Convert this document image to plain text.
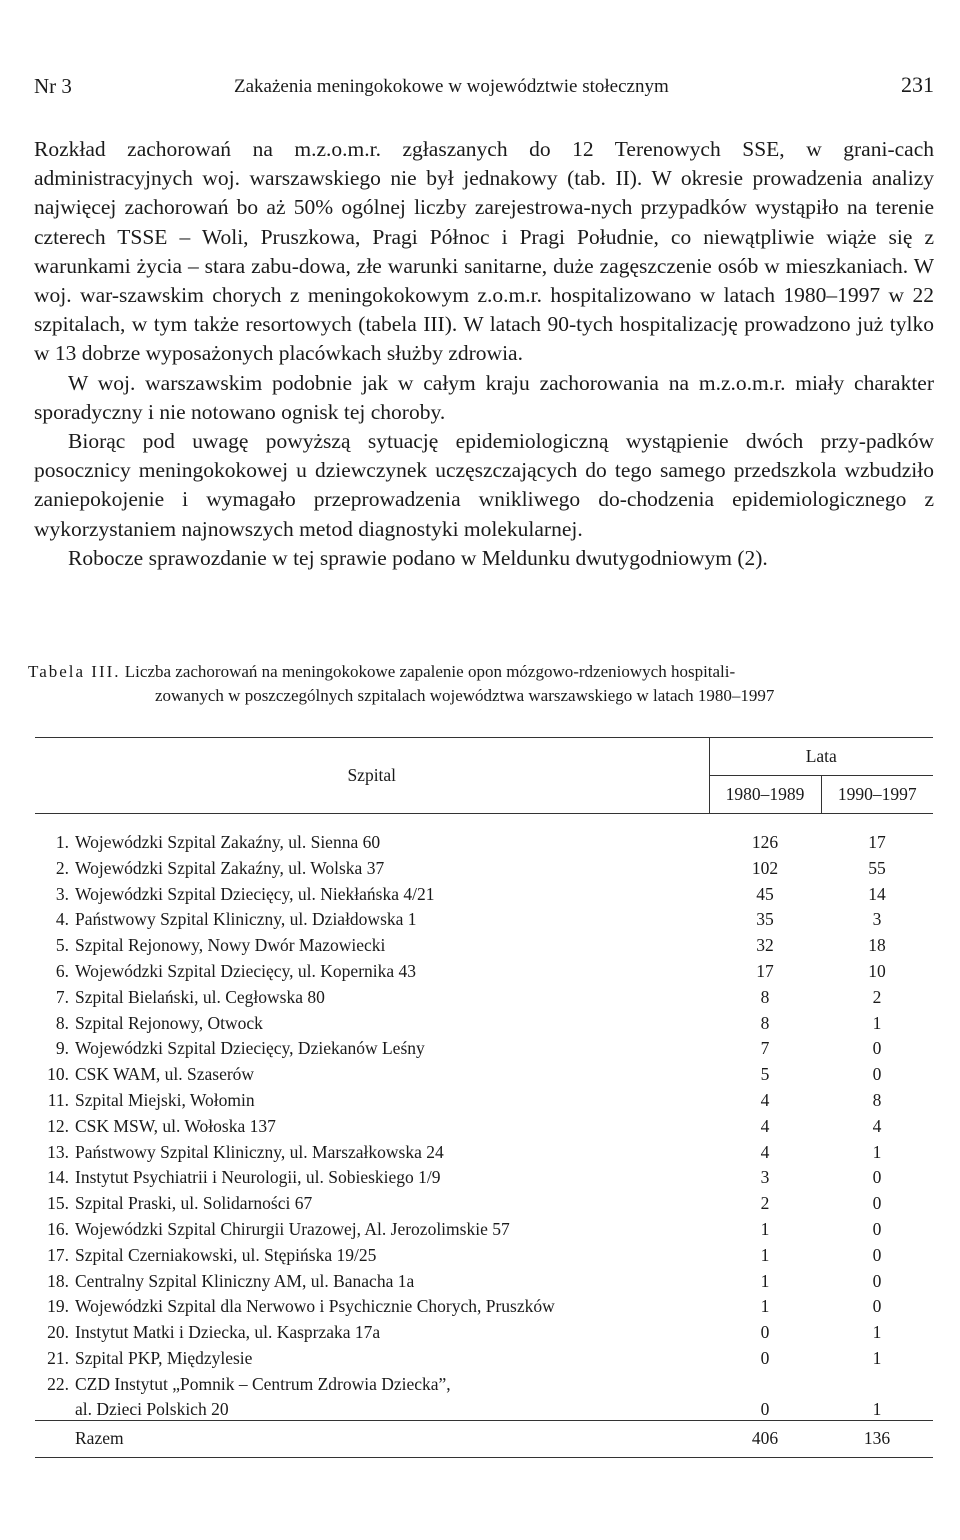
Nr 3	Zakażenia meningokokowe w województwie stołecznym	231

Rozkład zachorowań na m.z.o.m.r. zgłaszanych do 12 Terenowych SSE, w grani-cach administracyjnych woj. warszawskiego nie był jednakowy (tab. II). W okresie prowadzenia analizy najwięcej zachorowań bo aż 50% ogólnej liczby zarejestrowa-nych przypadków wystąpiło na terenie czterech TSSE – Woli, Pruszkowa, Pragi Północ i Pragi Południe, co niewątpliwie wiąże się z warunkami życia – stara zabu-dowa, złe warunki sanitarne, duże zagęszczenie osób w mieszkaniach. W woj. war-szawskim chorych z meningokokowym z.o.m.r. hospitalizowano w latach 1980–1997 w 22 szpitalach, w tym także resortowych (tabela III). W latach 90-tych hospitalizację prowadzono już tylko w 13 dobrze wyposażonych placówkach służby zdrowia.

W woj. warszawskim podobnie jak w całym kraju zachorowania na m.z.o.m.r. miały charakter sporadyczny i nie notowano ognisk tej choroby.

Biorąc pod uwagę powyższą sytuację epidemiologiczną wystąpienie dwóch przy-padków posocznicy meningokokowej u dziewczynek uczęszczających do tego samego przedszkola wzbudziło zaniepokojenie i wymagało przeprowadzenia wnikliwego do-chodzenia epidemiologicznego z wykorzystaniem najnowszych metod diagnostyki molekularnej.

Robocze sprawozdanie w tej sprawie podano w Meldunku dwutygodniowym (2).

Tabela III. Liczba zachorowań na meningokokowe zapalenie opon mózgowo-rdzeniowych hospitali-
zowanych w poszczególnych szpitalach województwa warszawskiego w latach 1980–1997
Szpital		Lata	
		1980–1989	1990–1997
1.	Wojewódzki Szpital Zakaźny, ul. Sienna 60	126	17
2.	Wojewódzki Szpital Zakaźny, ul. Wolska 37	102	55
3.	Wojewódzki Szpital Dziecięcy, ul. Niekłańska 4/21	45	14
4.	Państwowy Szpital Kliniczny, ul. Działdowska 1	35	3
5.	Szpital Rejonowy, Nowy Dwór Mazowiecki	32	18
6.	Wojewódzki Szpital Dziecięcy, ul. Kopernika 43	17	10
7.	Szpital Bielański, ul. Cegłowska 80	8	2
8.	Szpital Rejonowy, Otwock	8	1
9.	Wojewódzki Szpital Dziecięcy, Dziekanów Leśny	7	0
10.	CSK WAM, ul. Szaserów	5	0
11.	Szpital Miejski, Wołomin	4	8
12.	CSK MSW, ul. Wołoska 137	4	4
13.	Państwowy Szpital Kliniczny, ul. Marszałkowska 24	4	1
14.	Instytut Psychiatrii i Neurologii, ul. Sobieskiego 1/9	3	0
15.	Szpital Praski, ul. Solidarności 67	2	0
16.	Wojewódzki Szpital Chirurgii Urazowej, Al. Jerozolimskie 57	1	0
17.	Szpital Czerniakowski, ul. Stępińska 19/25	1	0
18.	Centralny Szpital Kliniczny AM, ul. Banacha 1a	1	0
19.	Wojewódzki Szpital dla Nerwowo i Psychicznie Chorych, Pruszków	1	0
20.	Instytut Matki i Dziecka, ul. Kasprzaka 17a	0	1
21.	Szpital PKP, Międzylesie	0	1
22.	CZD Instytut „Pomnik – Centrum Zdrowia Dziecka”,		
	al. Dzieci Polskich 20	0	1
	Razem	406	136
